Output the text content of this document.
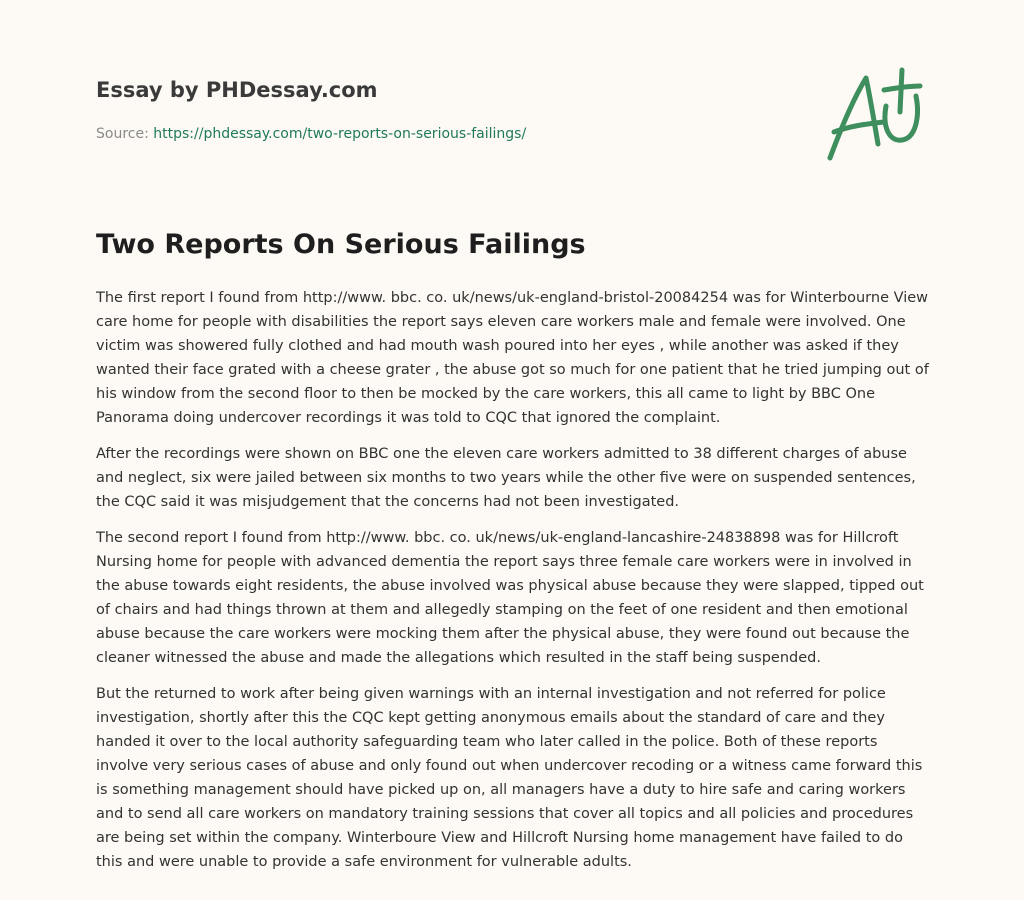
Essay by PHDessay.com
Source: https://phdessay.com/two-reports-on-serious-failings/
Two Reports On Serious Failings

The first report I found from http://www. bbc. co. uk/news/uk-england-bristol-20084254 was for Winterbourne View care home for people with disabilities the report says eleven care workers male and female were involved. One victim was showered fully clothed and had mouth wash poured into her eyes , while another was asked if they wanted their face grated with a cheese grater , the abuse got so much for one patient that he tried jumping out of his window from the second floor to then be mocked by the care workers, this all came to light by BBC One Panorama doing undercover recordings it was told to CQC that ignored the complaint.

After the recordings were shown on BBC one the eleven care workers admitted to 38 different charges of abuse and neglect, six were jailed between six months to two years while the other five were on suspended sentences, the CQC said it was misjudgement that the concerns had not been investigated.

The second report I found from http://www. bbc. co. uk/news/uk-england-lancashire-24838898 was for Hillcroft Nursing home for people with advanced dementia the report says three female care workers were in involved in the abuse towards eight residents, the abuse involved was physical abuse because they were slapped, tipped out of chairs and had things thrown at them and allegedly stamping on the feet of one resident and then emotional abuse because the care workers were mocking them after the physical abuse, they were found out because the cleaner witnessed the abuse and made the allegations which resulted in the staff being suspended.

But the returned to work after being given warnings with an internal investigation and not referred for police investigation, shortly after this the CQC kept getting anonymous emails about the standard of care and they handed it over to the local authority safeguarding team who later called in the police. Both of these reports involve very serious cases of abuse and only found out when undercover recoding or a witness came forward this is something management should have picked up on, all managers have a duty to hire safe and caring workers and to send all care workers on mandatory training sessions that cover all topics and all policies and procedures are being set within the company. Winterboure View and Hillcroft Nursing home management have failed to do this and were unable to provide a safe environment for vulnerable adults.
